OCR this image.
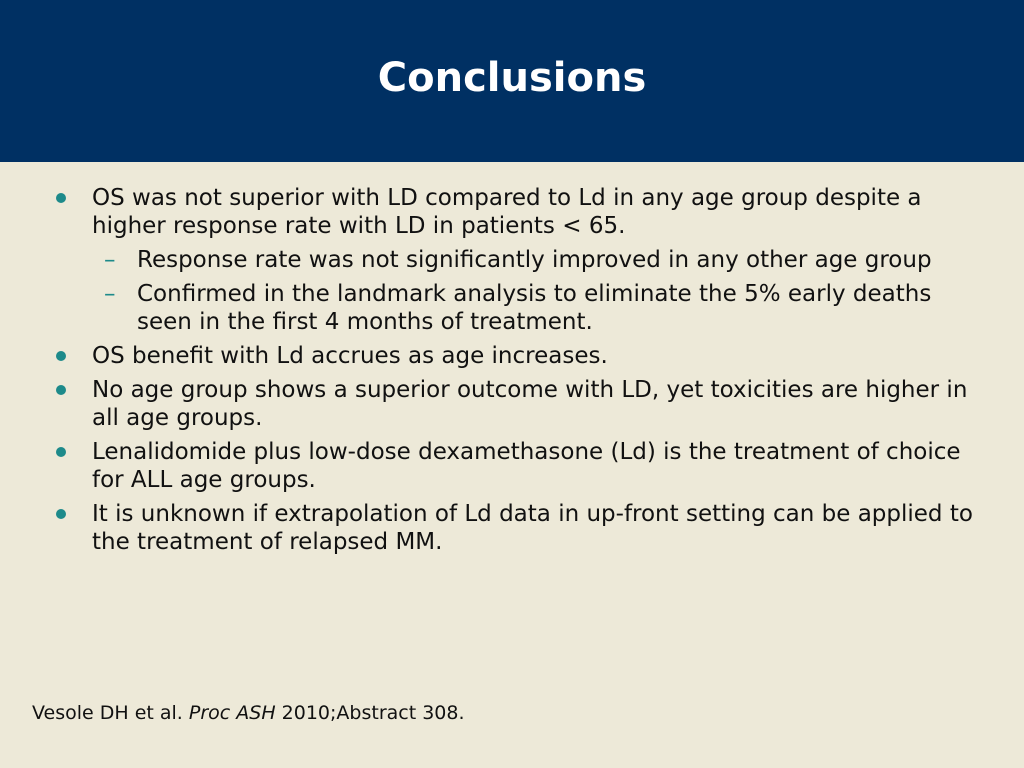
Conclusions
OS was not superior with LD compared to Ld in any age group despite a higher response rate with LD in patients < 65.
– Response rate was not significantly improved in any other age group
– Confirmed in the landmark analysis to eliminate the 5% early deaths seen in the first 4 months of treatment.
OS benefit with Ld accrues as age increases.
No age group shows a superior outcome with LD, yet toxicities are higher in all age groups.
Lenalidomide plus low-dose dexamethasone (Ld) is the treatment of choice for ALL age groups.
It is unknown if extrapolation of Ld data in up-front setting can be applied to the treatment of relapsed MM.
Vesole DH et al. Proc ASH 2010;Abstract 308.
